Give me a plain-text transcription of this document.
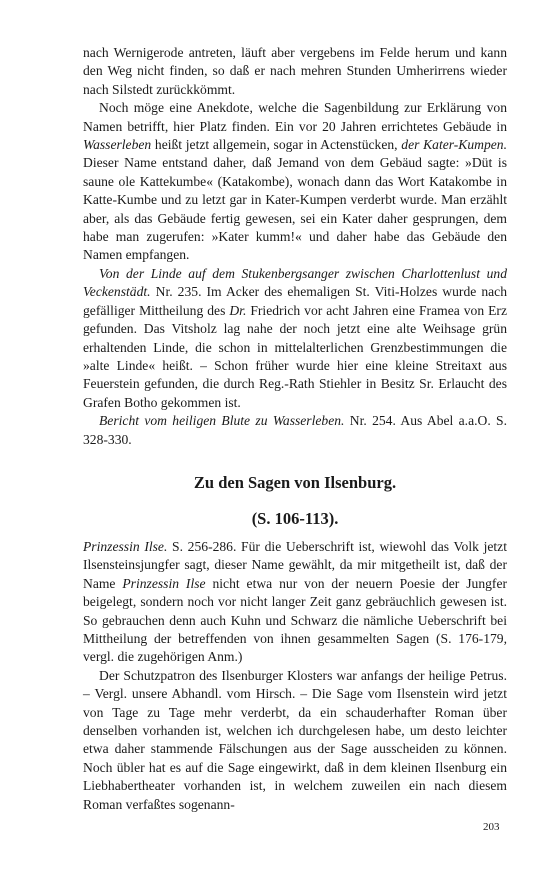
nach Wernigerode antreten, läuft aber vergebens im Felde herum und kann den Weg nicht finden, so daß er nach mehren Stunden Umherirrens wieder nach Silstedt zurückkömmt.

Noch möge eine Anekdote, welche die Sagenbildung zur Erklärung von Namen betrifft, hier Platz finden. Ein vor 20 Jahren errichtetes Gebäude in Wasserleben heißt jetzt allgemein, sogar in Actenstücken, der Kater-Kumpen. Dieser Name entstand daher, daß Jemand von dem Gebäud sagte: »Düt is saune ole Kattekumbe« (Katakombe), wonach dann das Wort Katakombe in Katte-Kumbe und zu letzt gar in Kater-Kumpen verderbt wurde. Man erzählt aber, als das Gebäude fertig gewesen, sei ein Kater daher gesprungen, dem habe man zugerufen: »Kater kumm!« und daher habe das Gebäude den Namen empfangen.

Von der Linde auf dem Stukenbergsanger zwischen Charlottenlust und Veckenstädt. Nr. 235. Im Acker des ehemaligen St. Viti-Holzes wurde nach gefälliger Mittheilung des Dr. Friedrich vor acht Jahren eine Framea von Erz gefunden. Das Vitsholz lag nahe der noch jetzt eine alte Weihsage grün erhaltenden Linde, die schon in mittelalterlichen Grenzbestimmungen die »alte Linde« heißt. – Schon früher wurde hier eine kleine Streitaxt aus Feuerstein gefunden, die durch Reg.-Rath Stiehler in Besitz Sr. Erlaucht des Grafen Botho gekommen ist.

Bericht vom heiligen Blute zu Wasserleben. Nr. 254. Aus Abel a.a.O. S. 328-330.

Zu den Sagen von Ilsenburg.
(S. 106-113).

Prinzessin Ilse. S. 256-286. Für die Ueberschrift ist, wiewohl das Volk jetzt Ilsensteinsjungfer sagt, dieser Name gewählt, da mir mitgetheilt ist, daß der Name Prinzessin Ilse nicht etwa nur von der neuern Poesie der Jungfer beigelegt, sondern noch vor nicht langer Zeit ganz gebräuchlich gewesen ist. So gebrauchen denn auch Kuhn und Schwarz die nämliche Ueberschrift bei Mittheilung der betreffenden von ihnen gesammelten Sagen (S. 176-179, vergl. die zugehörigen Anm.)

Der Schutzpatron des Ilsenburger Klosters war anfangs der heilige Petrus. – Vergl. unsere Abhandl. vom Hirsch. – Die Sage vom Ilsenstein wird jetzt von Tage zu Tage mehr verderbt, da ein schauderhafter Roman über denselben vorhanden ist, welchen ich durchgelesen habe, um desto leichter etwa daher stammende Fälschungen aus der Sage ausscheiden zu können. Noch übler hat es auf die Sage eingewirkt, daß in dem kleinen Ilsenburg ein Liebhabertheater vorhanden ist, in welchem zuweilen ein nach diesem Roman verfaßtes sogenann-

203
